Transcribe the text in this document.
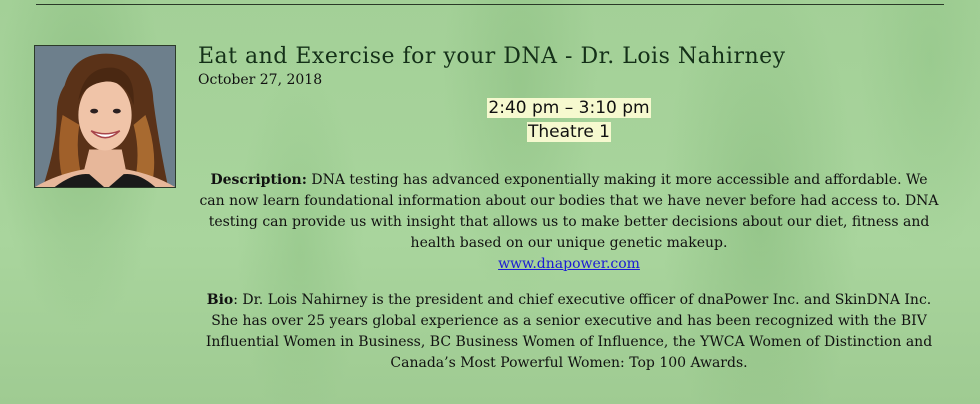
Eat and Exercise for your DNA - Dr. Lois Nahirney
October 27, 2018
2:40 pm – 3:10 pm
Theatre 1
Description: DNA testing has advanced exponentially making it more accessible and affordable. We can now learn foundational information about our bodies that we have never before had access to. DNA testing can provide us with insight that allows us to make better decisions about our diet, fitness and health based on our unique genetic makeup.
www.dnapower.com
Bio: Dr. Lois Nahirney is the president and chief executive officer of dnaPower Inc. and SkinDNA Inc. She has over 25 years global experience as a senior executive and has been recognized with the BIV Influential Women in Business, BC Business Women of Influence, the YWCA Women of Distinction and Canada’s Most Powerful Women: Top 100 Awards.
